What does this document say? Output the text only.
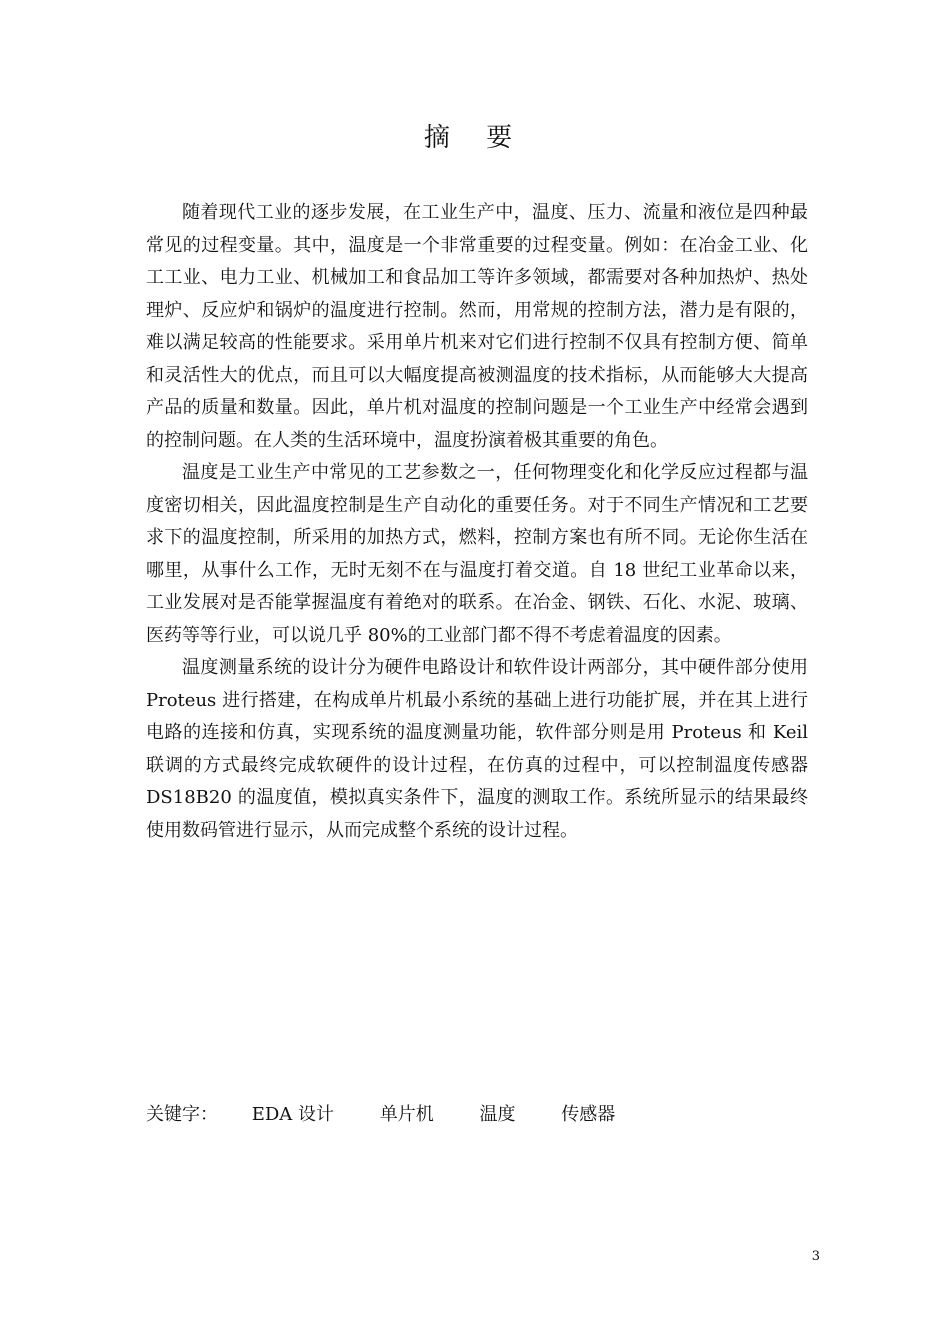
摘 要

随着现代工业的逐步发展，在工业生产中，温度、压力、流量和液位是四种最常见的过程变量。其中，温度是一个非常重要的过程变量。例如：在冶金工业、化工工业、电力工业、机械加工和食品加工等许多领域，都需要对各种加热炉、热处理炉、反应炉和锅炉的温度进行控制。然而，用常规的控制方法，潜力是有限的，难以满足较高的性能要求。采用单片机来对它们进行控制不仅具有控制方便、简单和灵活性大的优点，而且可以大幅度提高被测温度的技术指标，从而能够大大提高产品的质量和数量。因此，单片机对温度的控制问题是一个工业生产中经常会遇到的控制问题。在人类的生活环境中，温度扮演着极其重要的角色。

温度是工业生产中常见的工艺参数之一，任何物理变化和化学反应过程都与温度密切相关，因此温度控制是生产自动化的重要任务。对于不同生产情况和工艺要求下的温度控制，所采用的加热方式，燃料，控制方案也有所不同。无论你生活在哪里，从事什么工作，无时无刻不在与温度打着交道。自 18 世纪工业革命以来，工业发展对是否能掌握温度有着绝对的联系。在冶金、钢铁、石化、水泥、玻璃、医药等等行业，可以说几乎 80%的工业部门都不得不考虑着温度的因素。

温度测量系统的设计分为硬件电路设计和软件设计两部分，其中硬件部分使用 Proteus 进行搭建，在构成单片机最小系统的基础上进行功能扩展，并在其上进行电路的连接和仿真，实现系统的温度测量功能，软件部分则是用 Proteus 和 Keil 联调的方式最终完成软硬件的设计过程，在仿真的过程中，可以控制温度传感器 DS18B20 的温度值，模拟真实条件下，温度的测取工作。系统所显示的结果最终使用数码管进行显示，从而完成整个系统的设计过程。

关键字： EDA 设计	单片机	温度	传感器
3
